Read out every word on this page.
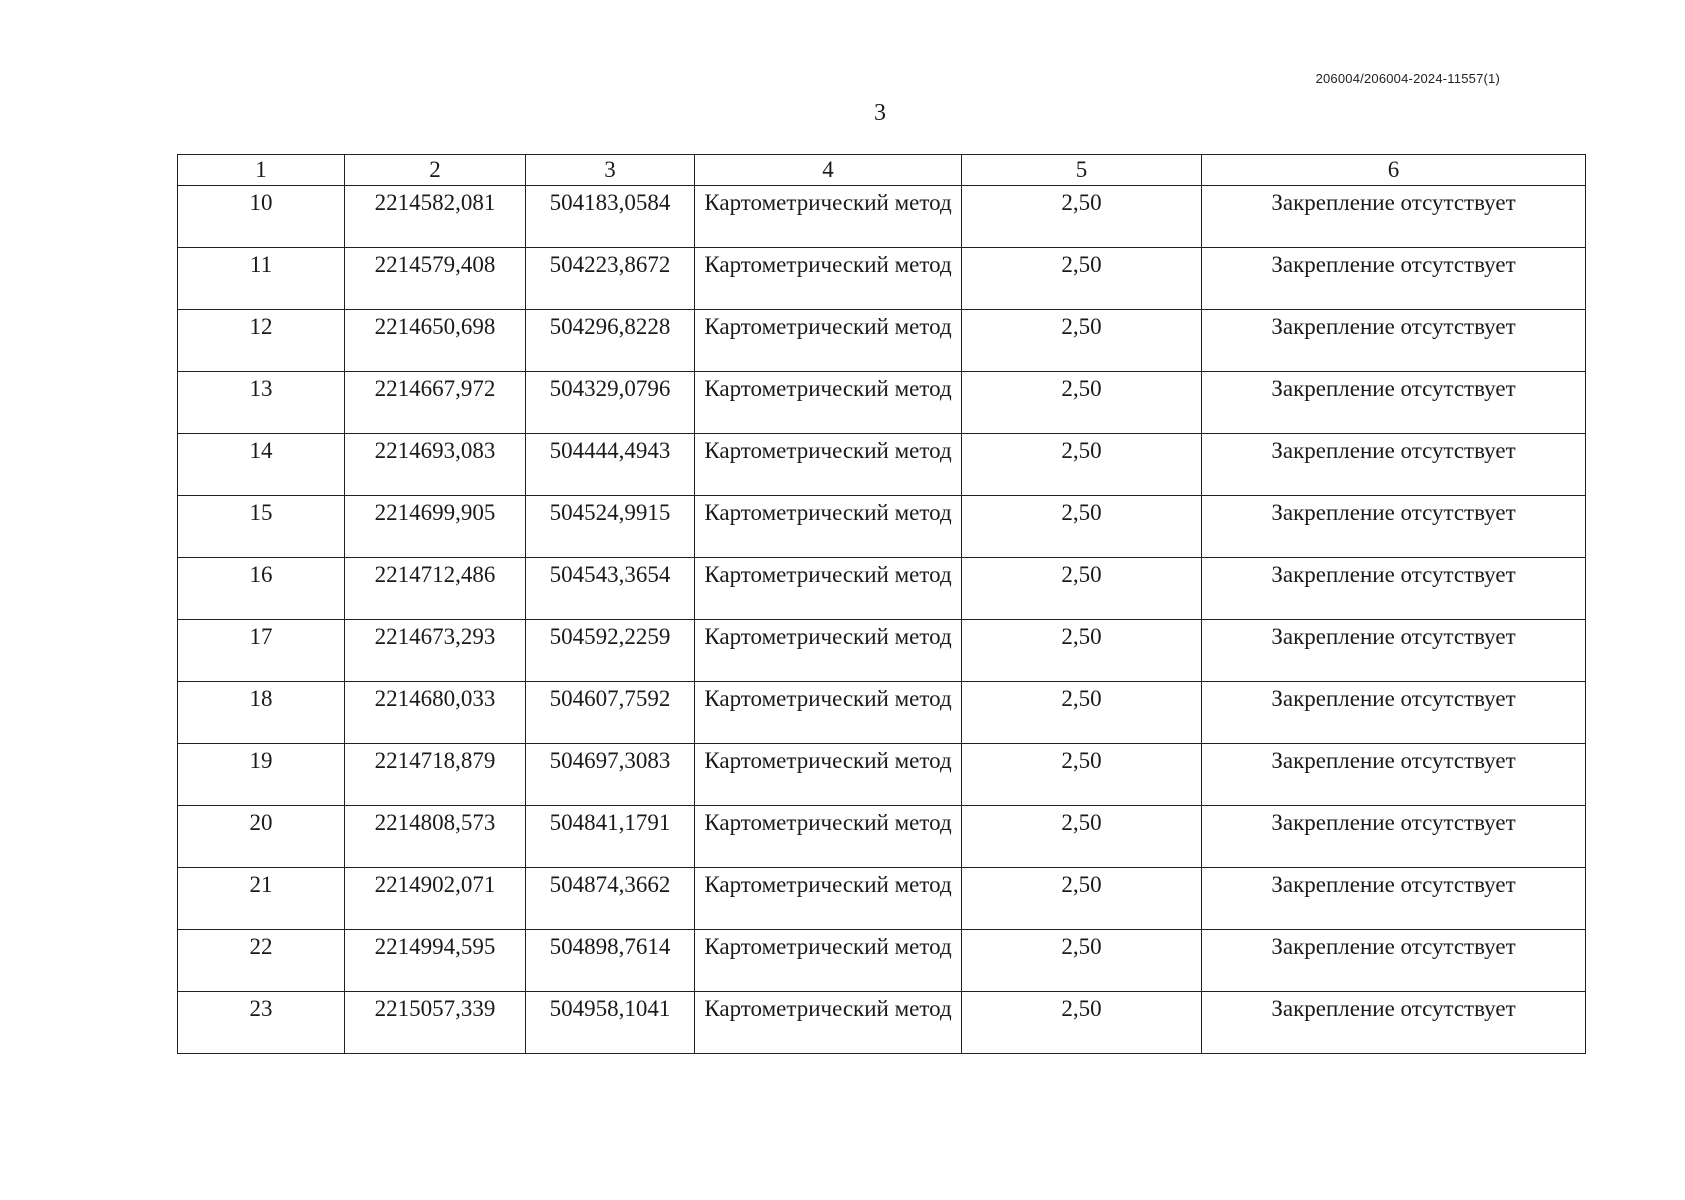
206004/206004-2024-11557(1)
3
1	2	3	4	5	6
10	2214582,081	504183,0584	Картометрический метод	2,50	Закрепление отсутствует
11	2214579,408	504223,8672	Картометрический метод	2,50	Закрепление отсутствует
12	2214650,698	504296,8228	Картометрический метод	2,50	Закрепление отсутствует
13	2214667,972	504329,0796	Картометрический метод	2,50	Закрепление отсутствует
14	2214693,083	504444,4943	Картометрический метод	2,50	Закрепление отсутствует
15	2214699,905	504524,9915	Картометрический метод	2,50	Закрепление отсутствует
16	2214712,486	504543,3654	Картометрический метод	2,50	Закрепление отсутствует
17	2214673,293	504592,2259	Картометрический метод	2,50	Закрепление отсутствует
18	2214680,033	504607,7592	Картометрический метод	2,50	Закрепление отсутствует
19	2214718,879	504697,3083	Картометрический метод	2,50	Закрепление отсутствует
20	2214808,573	504841,1791	Картометрический метод	2,50	Закрепление отсутствует
21	2214902,071	504874,3662	Картометрический метод	2,50	Закрепление отсутствует
22	2214994,595	504898,7614	Картометрический метод	2,50	Закрепление отсутствует
23	2215057,339	504958,1041	Картометрический метод	2,50	Закрепление отсутствует
